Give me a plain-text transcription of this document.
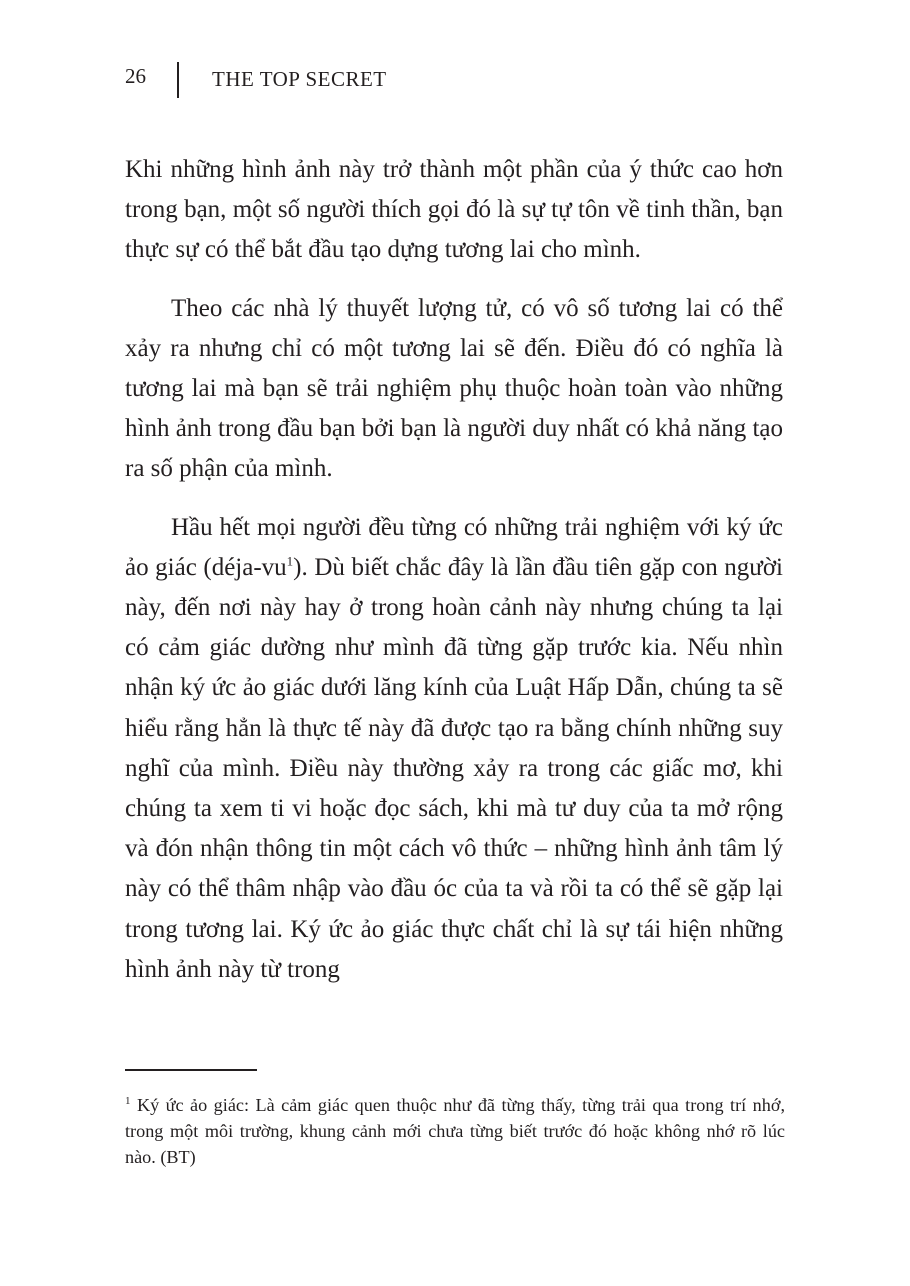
26	THE TOP SECRET

Khi những hình ảnh này trở thành một phần của ý thức cao hơn trong bạn, một số người thích gọi đó là sự tự tôn về tinh thần, bạn thực sự có thể bắt đầu tạo dựng tương lai cho mình.

Theo các nhà lý thuyết lượng tử, có vô số tương lai có thể xảy ra nhưng chỉ có một tương lai sẽ đến. Điều đó có nghĩa là tương lai mà bạn sẽ trải nghiệm phụ thuộc hoàn toàn vào những hình ảnh trong đầu bạn bởi bạn là người duy nhất có khả năng tạo ra số phận của mình.

Hầu hết mọi người đều từng có những trải nghiệm với ký ức ảo giác $(déja-vu^1)$. Dù biết chắc đây là lần đầu tiên gặp con người này, đến nơi này hay ở trong hoàn cảnh này nhưng chúng ta lại có cảm giác dường như mình đã từng gặp trước kia. Nếu nhìn nhận ký ức ảo giác dưới lăng kính của Luật Hấp Dẫn, chúng ta sẽ hiểu rằng hẳn là thực tế này đã được tạo ra bằng chính những suy nghĩ của mình. Điều này thường xảy ra trong các giấc mơ, khi chúng ta xem ti vi hoặc đọc sách, khi mà tư duy của ta mở rộng và đón nhận thông tin một cách vô thức – những hình ảnh tâm lý này có thể thâm nhập vào đầu óc của ta và rồi ta có thể sẽ gặp lại trong tương lai. Ký ức ảo giác thực chất chỉ là sự tái hiện những hình ảnh này từ trong

$^1$ Ký ức ảo giác: Là cảm giác quen thuộc như đã từng thấy, từng trải qua trong trí nhớ, trong một môi trường, khung cảnh mới chưa từng biết trước đó hoặc không nhớ rõ lúc nào. (BT)
